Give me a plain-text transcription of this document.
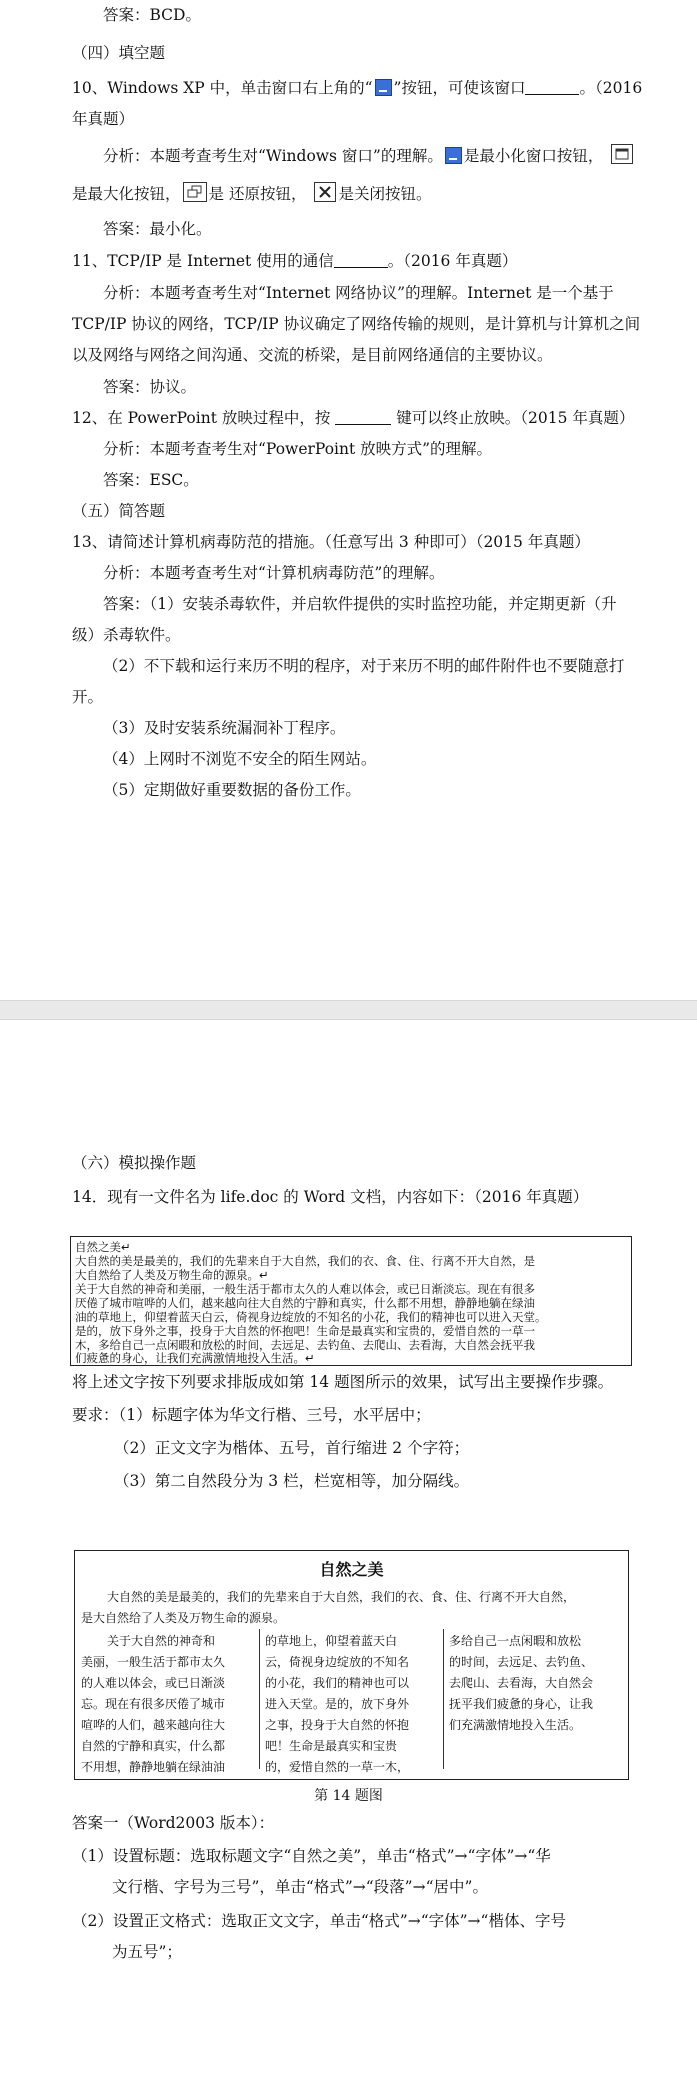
答案：BCD。
（四）填空题
10、Windows XP 中，单击窗口右上角的“ ”按钮，可使该窗口	。（2016
年真题）
分析：本题考查考生对“Windows 窗口”的理解。 是最小化窗口按钮，
是最大化按钮， 是 还原按钮， 是关闭按钮。
答案：最小化。
11、TCP/IP 是 Internet 使用的通信	。（2016 年真题）
分析：本题考查考生对“Internet 网络协议”的理解。Internet 是一个基于
TCP/IP 协议的网络，TCP/IP 协议确定了网络传输的规则，是计算机与计算机之间
以及网络与网络之间沟通、交流的桥梁，是目前网络通信的主要协议。
答案：协议。
12、在 PowerPoint 放映过程中，按	键可以终止放映。（2015 年真题）
分析：本题考查考生对“PowerPoint 放映方式”的理解。
答案：ESC。
（五）简答题
13、请简述计算机病毒防范的措施。（任意写出 3 种即可）（2015 年真题）
分析：本题考查考生对“计算机病毒防范”的理解。
答案：（1）安装杀毒软件，并启软件提供的实时监控功能，并定期更新（升
级）杀毒软件。
（2）不下载和运行来历不明的程序，对于来历不明的邮件附件也不要随意打
开。
（3）及时安装系统漏洞补丁程序。
（4）上网时不浏览不安全的陌生网站。
（5）定期做好重要数据的备份工作。
（六）模拟操作题
14．现有一文件名为 life.doc 的 Word 文档，内容如下：（2016 年真题）
自然之美↵
大自然的美是最美的，我们的先辈来自于大自然，我们的衣、食、住、行离不开大自然，是
大自然给了人类及万物生命的源泉。↵
关于大自然的神奇和美丽，一般生活于都市太久的人难以体会，或已日渐淡忘。现在有很多
厌倦了城市喧哗的人们，越来越向往大自然的宁静和真实，什么都不用想，静静地躺在绿油
油的草地上，仰望着蓝天白云，倚视身边绽放的不知名的小花，我们的精神也可以进入天堂。
是的，放下身外之事，投身于大自然的怀抱吧！生命是最真实和宝贵的，爱惜自然的一草一
木，多给自己一点闲暇和放松的时间，去远足、去钓鱼、去爬山、去看海，大自然会抚平我
们疲惫的身心，让我们充满激情地投入生活。↵
将上述文字按下列要求排版成如第 14 题图所示的效果，试写出主要操作步骤。
要求：（1）标题字体为华文行楷、三号，水平居中；
（2）正文文字为楷体、五号，首行缩进 2 个字符；
（3）第二自然段分为 3 栏，栏宽相等，加分隔线。
自然之美
大自然的美是最美的，我们的先辈来自于大自然，我们的衣、食、住、行离不开大自然，
是大自然给了人类及万物生命的源泉。
关于大自然的神奇和
美丽，一般生活于都市太久
的人难以体会，或已日渐淡
忘。现在有很多厌倦了城市
喧哗的人们，越来越向往大
自然的宁静和真实，什么都
不用想，静静地躺在绿油油
的草地上，仰望着蓝天白
云，倚视身边绽放的不知名
的小花，我们的精神也可以
进入天堂。是的，放下身外
之事，投身于大自然的怀抱
吧！生命是最真实和宝贵
的，爱惜自然的一草一木，
多给自己一点闲暇和放松
的时间，去远足、去钓鱼、
去爬山、去看海，大自然会
抚平我们疲惫的身心，让我
们充满激情地投入生活。
第 14 题图
答案一（Word2003 版本）：
（1）设置标题：选取标题文字“自然之美”，单击“格式”→“字体”→“华
文行楷、字号为三号”，单击“格式”→“段落”→“居中”。
（2）设置正文格式：选取正文文字，单击“格式”→“字体”→“楷体、字号
为五号”；
